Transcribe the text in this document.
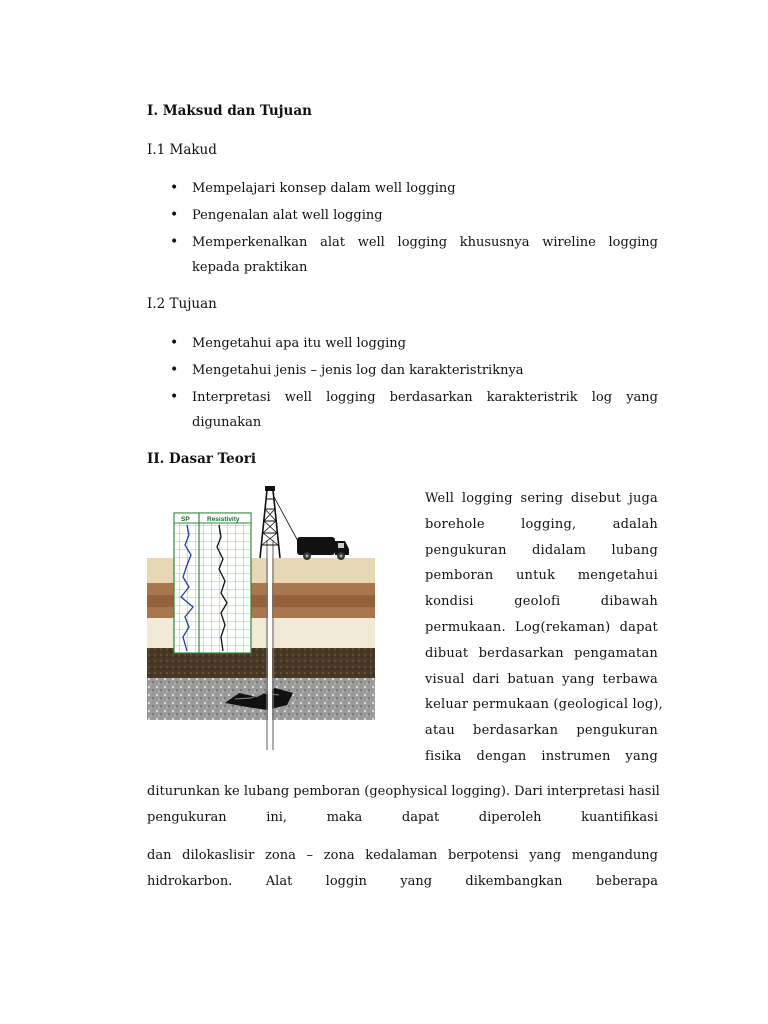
I. Maksud dan Tujuan
I.1 Makud
• Mempelajari konsep dalam well logging
• Pengenalan alat well logging
• Memperkenalkan alat well logging khususnya wireline logging kepada praktikan
I.2 Tujuan
• Mengetahui apa itu well logging
• Mengetahui jenis – jenis log dan karakteristriknya
• Interpretasi well logging berdasarkan karakteristrik log yang digunakan
II. Dasar Teori
SP	Resistivity
Well logging sering disebut juga
borehole logging, adalah
pengukuran didalam lubang
pemboran untuk mengetahui
kondisi geolofi dibawah
permukaan. Log(rekaman) dapat
dibuat berdasarkan pengamatan
visual dari batuan yang terbawa
keluar permukaan (geological log),
atau berdasarkan pengukuran
fisika dengan instrumen yang
diturunkan ke lubang pemboran (geophysical logging). Dari interpretasi hasil
pengukuran ini, maka dapat diperoleh kuantifikasi
dan dilokaslisir zona – zona kedalaman berpotensi yang mengandung
hidrokarbon. Alat loggin yang dikembangkan beberapa
